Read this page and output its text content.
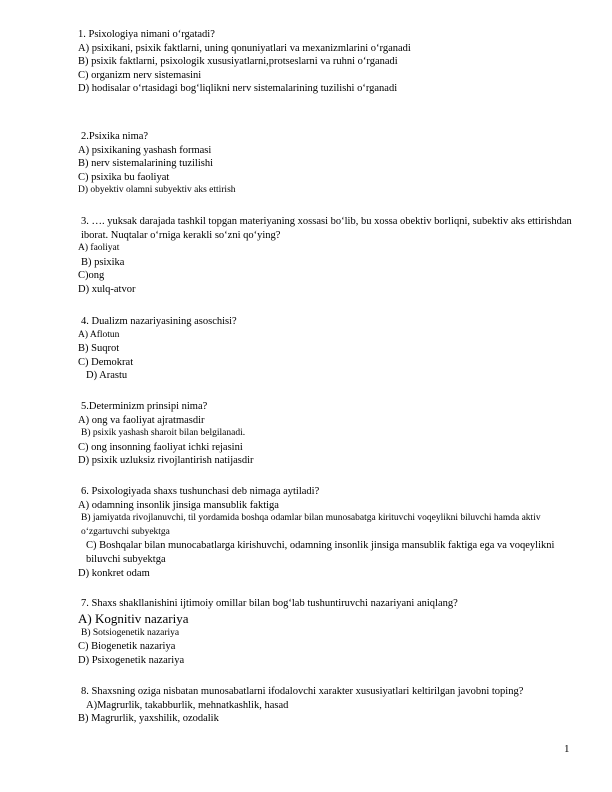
1. Psixologiya nimani o‘rgatadi?
A) psixikani, psixik faktlarni, uning qonuniyatlari va mexanizmlarini o‘rganadi
B) psixik faktlarni, psixologik xususiyatlarni,protseslarni va ruhni o‘rganadi
C) organizm nerv sistemasini
D) hodisalar o‘rtasidagi bog‘liqlikni nerv sistemalarining tuzilishi o‘rganadi
2.Psixika nima?
A) psixikaning yashash formasi
B) nerv sistemalarining tuzilishi
C) psixika bu faoliyat
D) obyektiv olamni subyektiv aks ettirish
3. …. yuksak darajada tashkil topgan materiyaning xossasi bo‘lib, bu xossa obektiv borliqni, subektiv aks ettirishdan iborat. Nuqtalar o‘rniga kerakli so‘zni qo‘ying?
A) faoliyat
B) psixika
C)ong
D) xulq-atvor
4. Dualizm nazariyasining asoschisi?
A) Aflotun
B) Suqrot
C) Demokrat
D) Arastu
5.Determinizm prinsipi nima?
A) ong va faoliyat ajratmasdir
B) psixik yashash sharoit bilan belgilanadi.
C) ong insonning faoliyat ichki rejasini
D) psixik uzluksiz rivojlantirish natijasdir
6. Psixologiyada shaxs tushunchasi deb nimaga aytiladi?
A) odamning insonlik jinsiga mansublik faktiga
B) jamiyatda rivojlanuvchi, til yordamida boshqa odamlar bilan munosabatga kirituvchi voqeylikni biluvchi hamda aktiv o‘zgartuvchi subyektga
C) Boshqalar bilan munocabatlarga kirishuvchi, odamning insonlik jinsiga mansublik faktiga ega va voqeylikni biluvchi subyektga
D) konkret odam
7. Shaxs shakllanishini ijtimoiy omillar bilan bog‘lab tushuntiruvchi nazariyani aniqlang?
A) Kognitiv nazariya
B) Sotsiogenetik nazariya
C) Biogenetik nazariya
D) Psixogenetik nazariya
8. Shaxsning oziga nisbatan munosabatlarni ifodalovchi xarakter xususiyatlari keltirilgan javobni toping?
A)Magrurlik, takabburlik, mehnatkashlik, hasad
B) Magrurlik, yaxshilik, ozodalik
1
